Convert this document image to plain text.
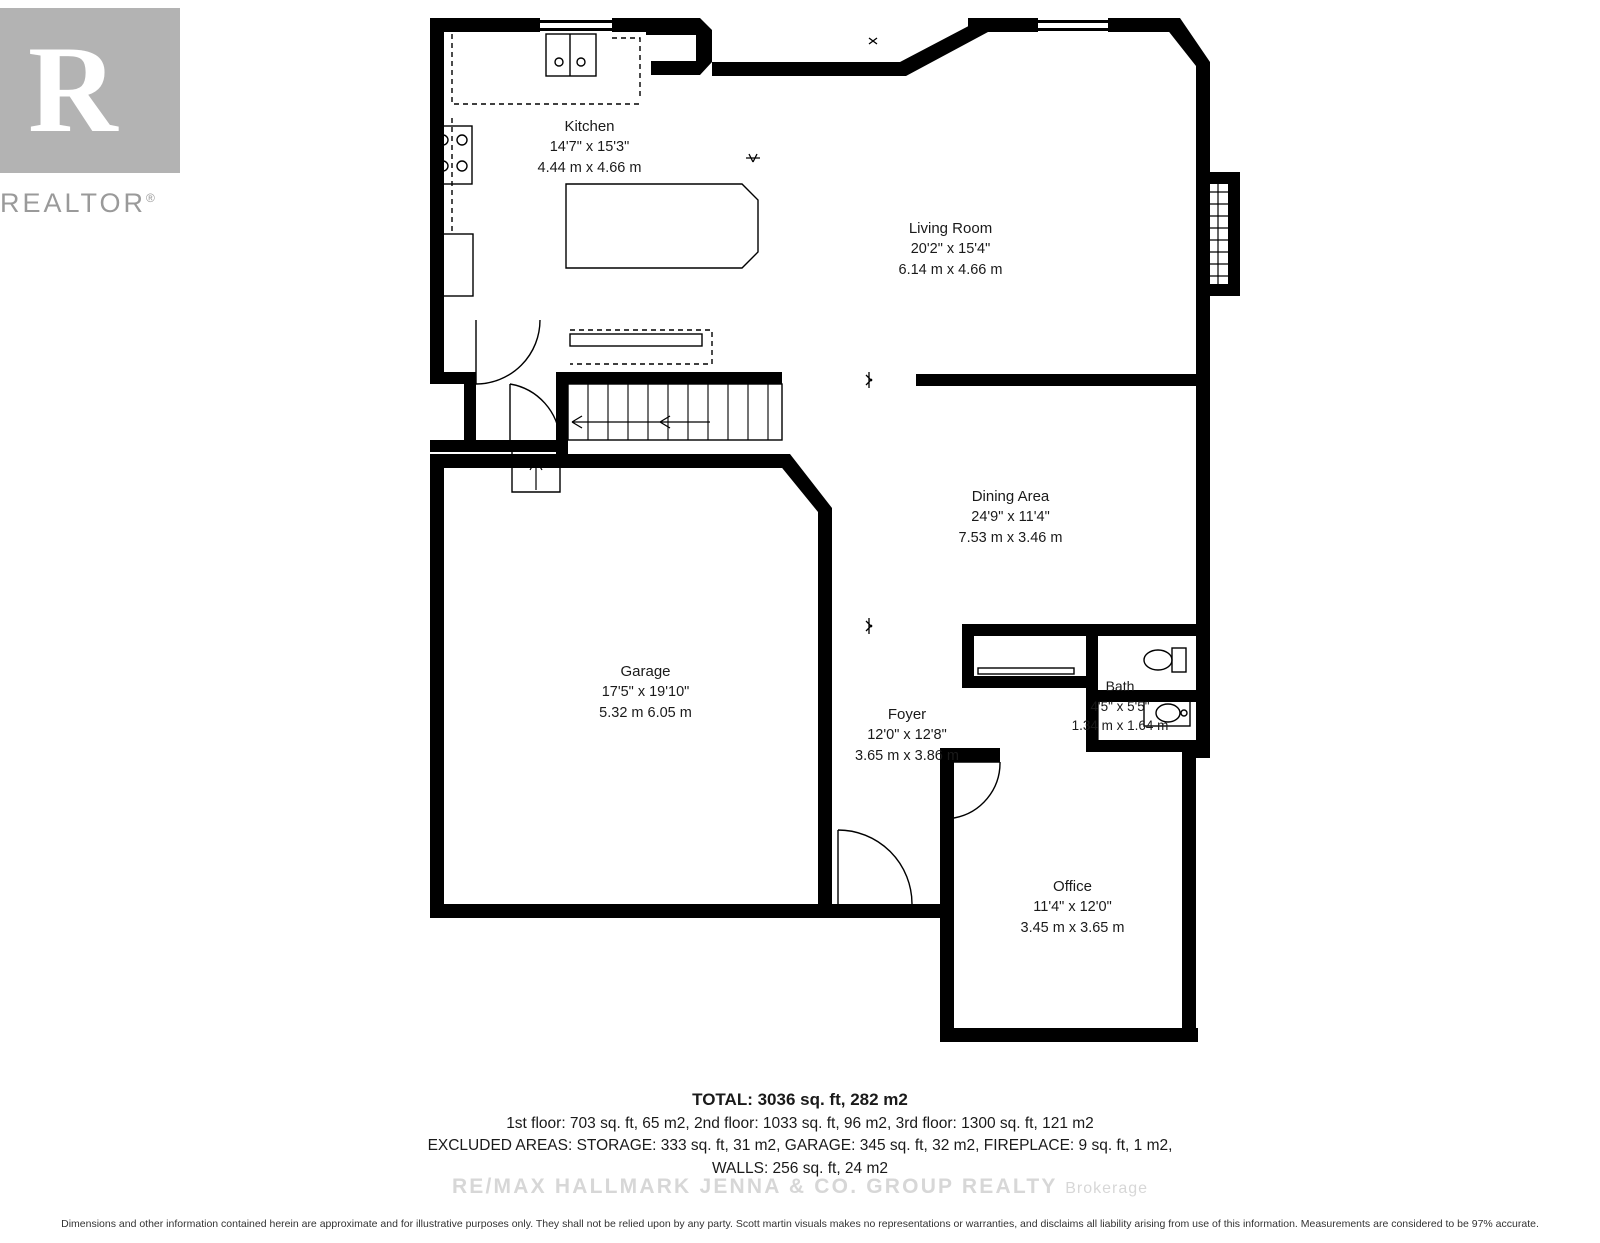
R
REALTOR®
Kitchen
14'7" x 15'3"
4.44 m x 4.66 m
Living Room
20'2" x 15'4"
6.14 m x 4.66 m
Dining Area
24'9" x 11'4"
7.53 m x 3.46 m
Garage
17'5" x 19'10"
5.32 m 6.05 m	Foyer
12'0" x 12'8"
3.65 m x 3.86 m
Bath
4'5" x 5'5"
1.34 m x 1.64 m
Office
11'4" x 12'0"
3.45 m x 3.65 m
TOTAL: 3036 sq. ft, 282 m2
1st floor: 703 sq. ft, 65 m2, 2nd floor: 1033 sq. ft, 96 m2, 3rd floor: 1300 sq. ft, 121 m2
EXCLUDED AREAS: STORAGE: 333 sq. ft, 31 m2, GARAGE: 345 sq. ft, 32 m2, FIREPLACE: 9 sq. ft, 1 m2,
WALLS: 256 sq. ft, 24 m2
RE/MAX HALLMARK JENNA & CO. GROUP REALTY Brokerage
Dimensions and other information contained herein are approximate and for illustrative purposes only. They shall not be relied upon by any party. Scott martin visuals makes no representations or warranties, and disclaims all liability arising from use of this information. Measurements are considered to be 97% accurate.
